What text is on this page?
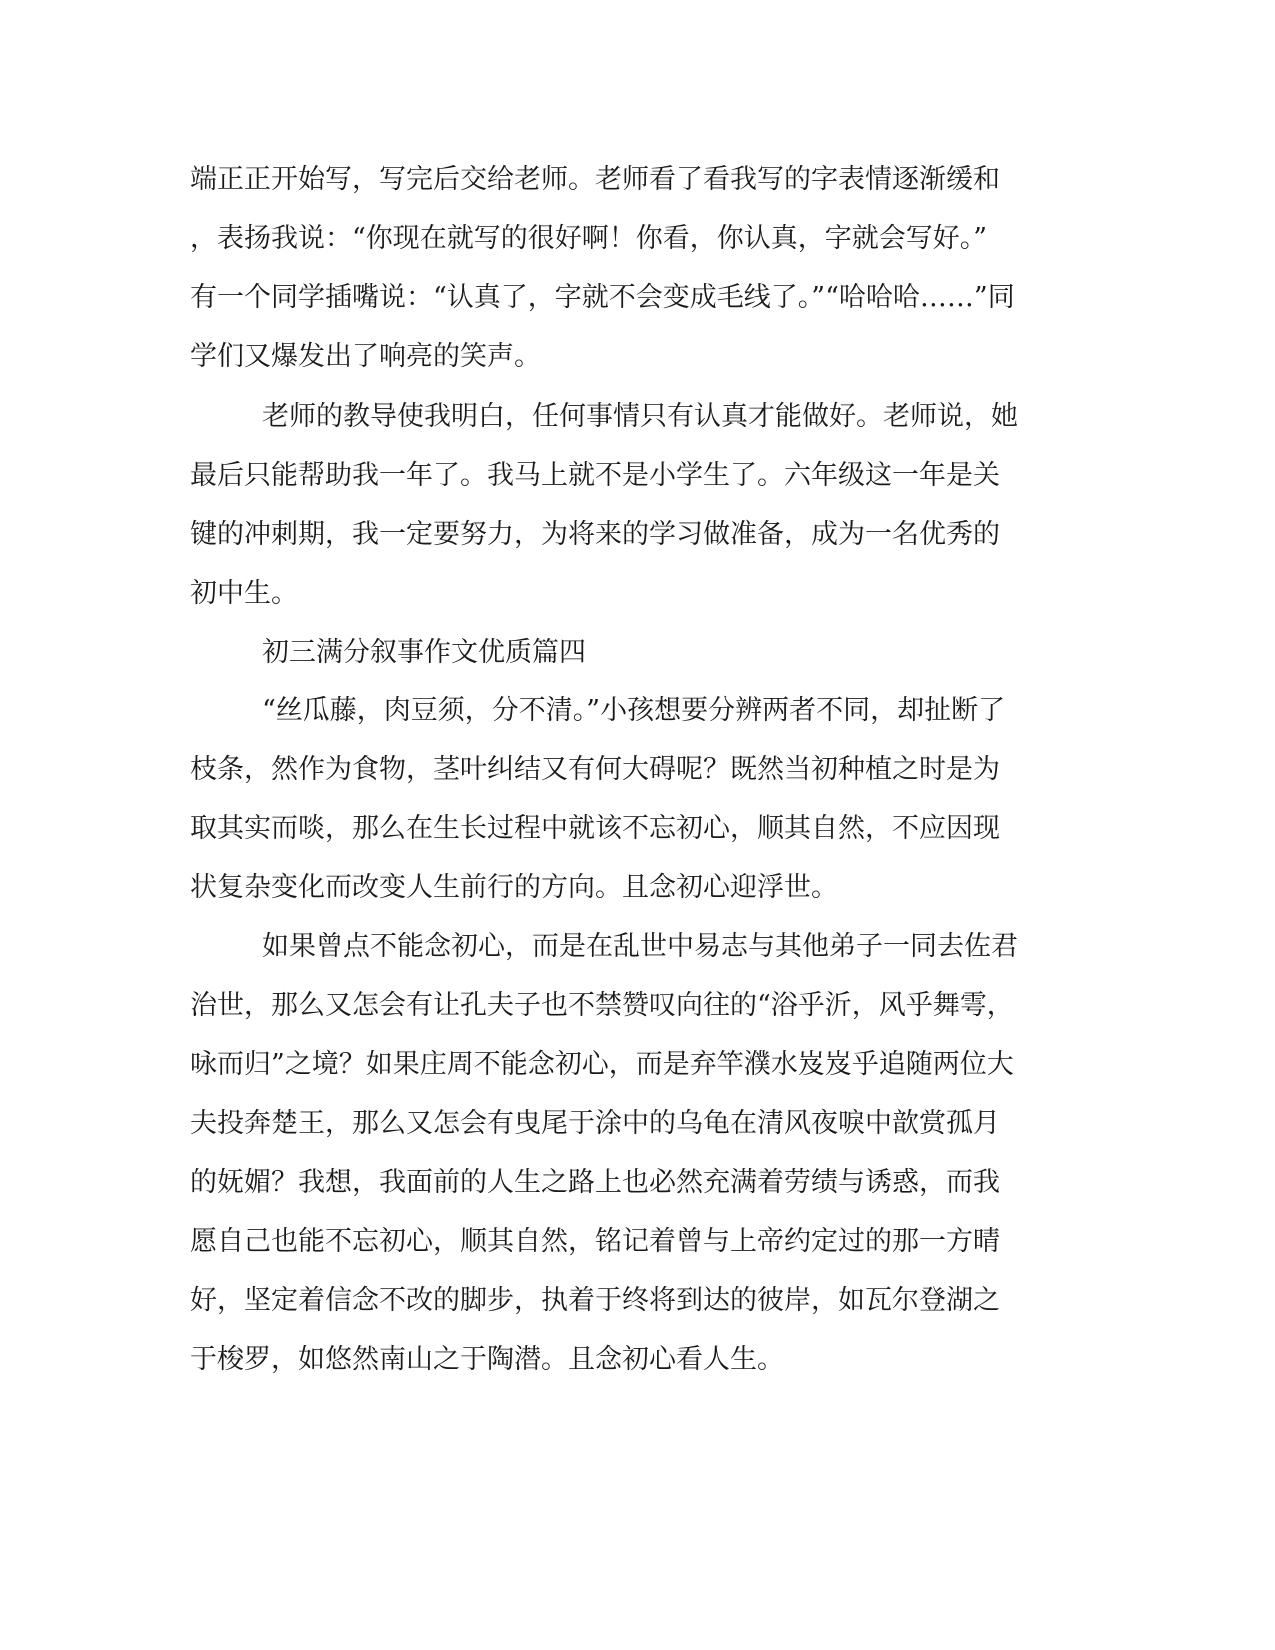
端正正开始写，写完后交给老师。老师看了看我写的字表情逐渐缓和
，表扬我说：“你现在就写的很好啊！你看，你认真，字就会写好。”
有一个同学插嘴说：“认真了，字就不会变成毛线了。”“哈哈哈……”同
学们又爆发出了响亮的笑声。
老师的教导使我明白，任何事情只有认真才能做好。老师说，她
最后只能帮助我一年了。我马上就不是小学生了。六年级这一年是关
键的冲刺期，我一定要努力，为将来的学习做准备，成为一名优秀的
初中生。
初三满分叙事作文优质篇四
“丝瓜藤，肉豆须，分不清。”小孩想要分辨两者不同，却扯断了
枝条，然作为食物，茎叶纠结又有何大碍呢？既然当初种植之时是为
取其实而啖，那么在生长过程中就该不忘初心，顺其自然，不应因现
状复杂变化而改变人生前行的方向。且念初心迎浮世。
如果曾点不能念初心，而是在乱世中易志与其他弟子一同去佐君
治世，那么又怎会有让孔夫子也不禁赞叹向往的“浴乎沂，风乎舞雩，
咏而归”之境？如果庄周不能念初心，而是弃竿濮水岌岌乎追随两位大
夫投奔楚王，那么又怎会有曳尾于涂中的乌龟在清风夜唳中歆赏孤月
的妩媚？我想，我面前的人生之路上也必然充满着劳绩与诱惑，而我
愿自己也能不忘初心，顺其自然，铭记着曾与上帝约定过的那一方晴
好，坚定着信念不改的脚步，执着于终将到达的彼岸，如瓦尔登湖之
于梭罗，如悠然南山之于陶潜。且念初心看人生。
